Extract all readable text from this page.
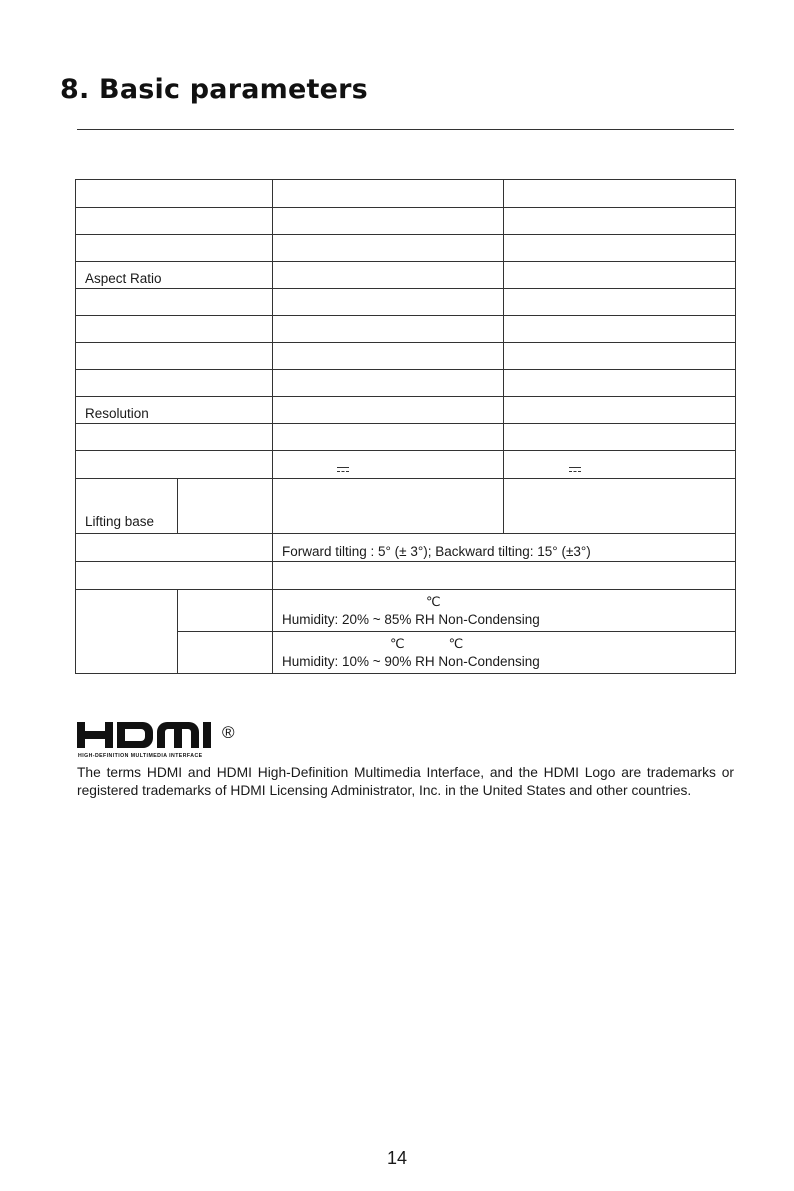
8. Basic parameters

Aspect Ratio			

Resolution			

Lifting base			
		Forward tilting : 5° (± 3°); Backward tilting: 15° (±3°)	

		℃
Humidity: 20% ~ 85% RH Non-Condensing	

		℃ ℃
Humidity: 10% ~ 90% RH Non-Condensing	
®
HIGH-DEFINITION MULTIMEDIA INTERFACE

The terms HDMI and HDMI High-Definition Multimedia Interface, and the HDMI Logo are trademarks or registered trademarks of HDMI Licensing Administrator, Inc. in the United States and other countries.

14
